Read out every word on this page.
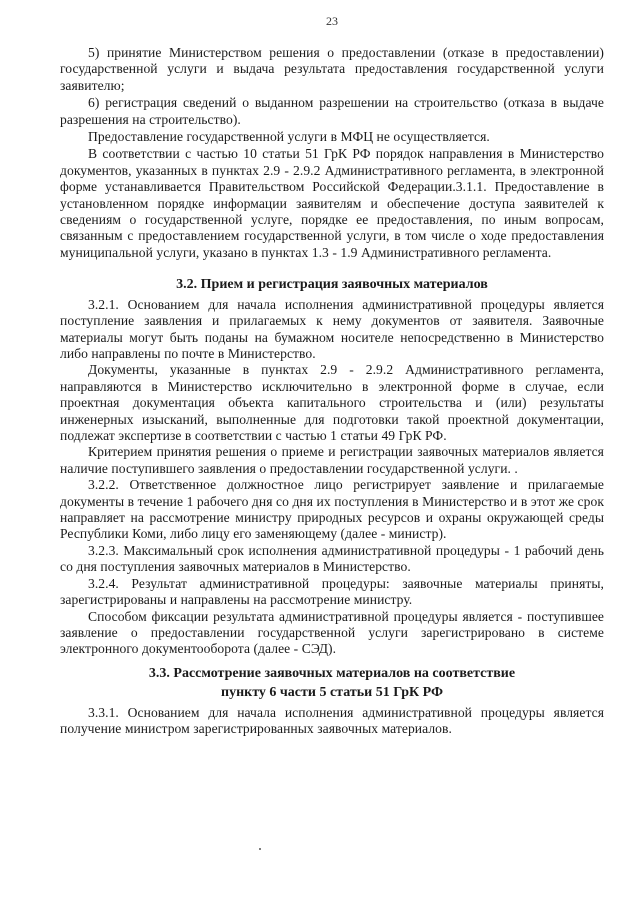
23

5) принятие Министерством решения о предоставлении (отказе в предоставлении) государственной услуги и выдача результата предоставления государственной услуги заявителю;

6) регистрация сведений о выданном разрешении на строительство (отказа в выдаче разрешения на строительство).

Предоставление государственной услуги в МФЦ не осуществляется.

В соответствии с частью 10 статьи 51 ГрК РФ порядок направления в Министерство документов, указанных в пунктах 2.9 - 2.9.2 Административного регламента, в электронной форме устанавливается Правительством Российской Федерации.3.1.1. Предоставление в установленном порядке информации заявителям и обеспечение доступа заявителей к сведениям о государственной услуге, порядке ее предоставления, по иным вопросам, связанным с предоставлением государственной услуги, в том числе о ходе предоставления муниципальной услуги, указано в пунктах 1.3 - 1.9 Административного регламента.

3.2. Прием и регистрация заявочных материалов

3.2.1. Основанием для начала исполнения административной процедуры является поступление заявления и прилагаемых к нему документов от заявителя. Заявочные материалы могут быть поданы на бумажном носителе непосредственно в Министерство либо направлены по почте в Министерство.

Документы, указанные в пунктах 2.9 - 2.9.2 Административного регламента, направляются в Министерство исключительно в электронной форме в случае, если проектная документация объекта капитального строительства и (или) результаты инженерных изысканий, выполненные для подготовки такой проектной документации, подлежат экспертизе в соответствии с частью 1 статьи 49 ГрК РФ.

Критерием принятия решения о приеме и регистрации заявочных материалов является наличие поступившего заявления о предоставлении государственной услуги. .

3.2.2. Ответственное должностное лицо регистрирует заявление и прилагаемые документы в течение 1 рабочего дня со дня их поступления в Министерство и в этот же срок направляет на рассмотрение министру природных ресурсов и охраны окружающей среды Республики Коми, либо лицу его заменяющему (далее - министр).

3.2.3. Максимальный срок исполнения административной процедуры - 1 рабочий день со дня поступления заявочных материалов в Министерство.

3.2.4. Результат административной процедуры: заявочные материалы приняты, зарегистрированы и направлены на рассмотрение министру.

Способом фиксации результата административной процедуры является - поступившее заявление о предоставлении государственной услуги зарегистрировано в системе электронного документооборота (далее - СЭД).

3.3. Рассмотрение заявочных материалов на соответствие
пункту 6 части 5 статьи 51 ГрК РФ

3.3.1. Основанием для начала исполнения административной процедуры является получение министром зарегистрированных заявочных материалов.
